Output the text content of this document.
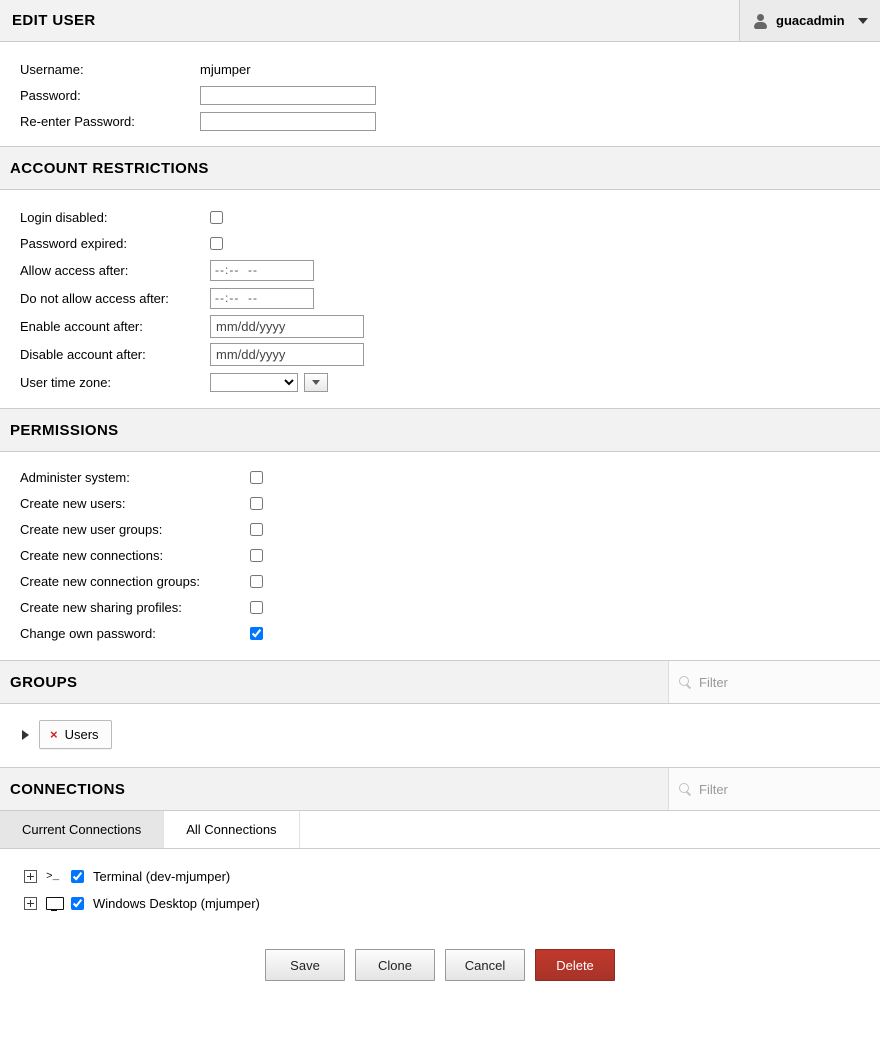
EDIT USER	guacadmin
Username:	mjumper
Password:
Re-enter Password:
ACCOUNT RESTRICTIONS
Login disabled:
Password expired:
Allow access after:
--:-- --
Do not allow access after:
--:-- --
Enable account after:
mm/dd/yyyy
Disable account after:
mm/dd/yyyy
User time zone:
PERMISSIONS
Administer system:
Create new users:
Create new user groups:
Create new connections:
Create new connection groups:
Create new sharing profiles:
Change own password:
GROUPS
Filter
× Users
CONNECTIONS
Filter
Current Connections	All Connections
>_	Terminal (dev-mjumper)
Windows Desktop (mjumper)
Save	Clone	Cancel	Delete
